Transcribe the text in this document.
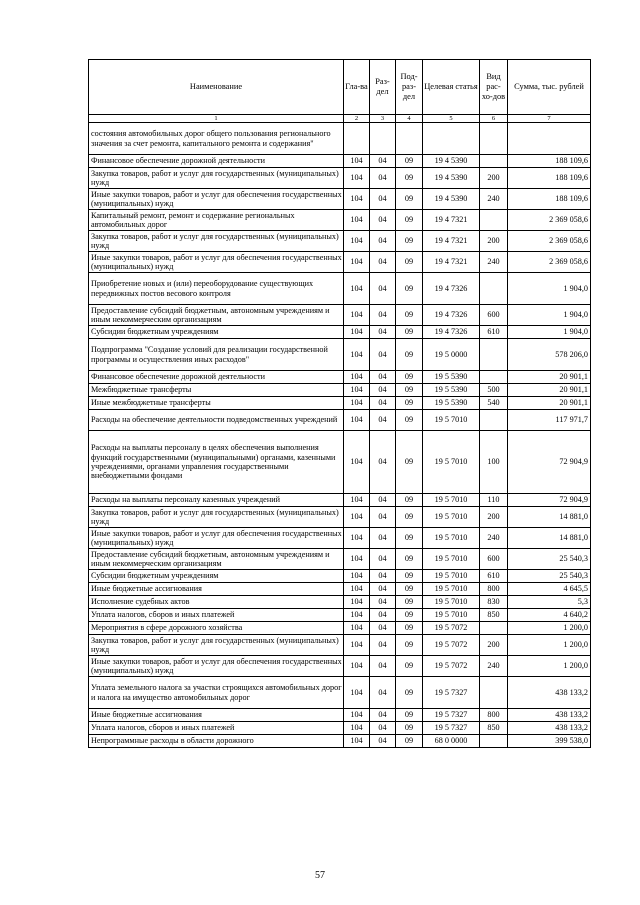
Наименование	Гла-ва	Раз-дел	Под-раз-дел	Целевая статья	Вид рас-хо-дов	Сумма, тыс. рублей
1	2	3	4	5	6	7
состояния автомобильных дорог общего пользования регионального значения за счет ремонта, капитального ремонта и содержания"						
Финансовое обеспечение дорожной деятельности	104	04	09	19 4 5390		188 109,6
Закупка товаров, работ и услуг для государственных (муниципальных) нужд	104	04	09	19 4 5390	200	188 109,6
Иные закупки товаров, работ и услуг для обеспечения государственных (муниципальных) нужд	104	04	09	19 4 5390	240	188 109,6
Капитальный ремонт, ремонт и содержание региональных автомобильных дорог	104	04	09	19 4 7321		2 369 058,6
Закупка товаров, работ и услуг для государственных (муниципальных) нужд	104	04	09	19 4 7321	200	2 369 058,6
Иные закупки товаров, работ и услуг для обеспечения государственных (муниципальных) нужд	104	04	09	19 4 7321	240	2 369 058,6
Приобретение новых и (или) переоборудование существующих передвижных постов весового контроля	104	04	09	19 4 7326		1 904,0
Предоставление субсидий бюджетным, автономным учреждениям и иным некоммерческим организациям	104	04	09	19 4 7326	600	1 904,0
Субсидии бюджетным учреждениям	104	04	09	19 4 7326	610	1 904,0
Подпрограмма "Создание условий для реализации государственной программы и осуществления иных расходов"	104	04	09	19 5 0000		578 206,0
Финансовое обеспечение дорожной деятельности	104	04	09	19 5 5390		20 901,1
Межбюджетные трансферты	104	04	09	19 5 5390	500	20 901,1
Иные межбюджетные трансферты	104	04	09	19 5 5390	540	20 901,1
Расходы на обеспечение деятельности подведомственных учреждений	104	04	09	19 5 7010		117 971,7
Расходы на выплаты персоналу в целях обеспечения выполнения функций государственными (муниципальными) органами, казенными учреждениями, органами управления государственными внебюджетными фондами	104	04	09	19 5 7010	100	72 904,9
Расходы на выплаты персоналу казенных учреждений	104	04	09	19 5 7010	110	72 904,9
Закупка товаров, работ и услуг для государственных (муниципальных) нужд	104	04	09	19 5 7010	200	14 881,0
Иные закупки товаров, работ и услуг для обеспечения государственных (муниципальных) нужд	104	04	09	19 5 7010	240	14 881,0
Предоставление субсидий бюджетным, автономным учреждениям и иным некоммерческим организациям	104	04	09	19 5 7010	600	25 540,3
Субсидии бюджетным учреждениям	104	04	09	19 5 7010	610	25 540,3
Иные бюджетные ассигнования	104	04	09	19 5 7010	800	4 645,5
Исполнение судебных актов	104	04	09	19 5 7010	830	5,3
Уплата налогов, сборов и иных платежей	104	04	09	19 5 7010	850	4 640,2
Мероприятия в сфере дорожного хозяйства	104	04	09	19 5 7072		1 200,0
Закупка товаров, работ и услуг для государственных (муниципальных) нужд	104	04	09	19 5 7072	200	1 200,0
Иные закупки товаров, работ и услуг для обеспечения государственных (муниципальных) нужд	104	04	09	19 5 7072	240	1 200,0
Уплата земельного налога за участки строящихся автомобильных дорог и налога на имущество автомобильных дорог	104	04	09	19 5 7327		438 133,2
Иные бюджетные ассигнования	104	04	09	19 5 7327	800	438 133,2
Уплата налогов, сборов и иных платежей	104	04	09	19 5 7327	850	438 133,2
Непрограммные расходы в области дорожного	104	04	09	68 0 0000		399 538,0
57
